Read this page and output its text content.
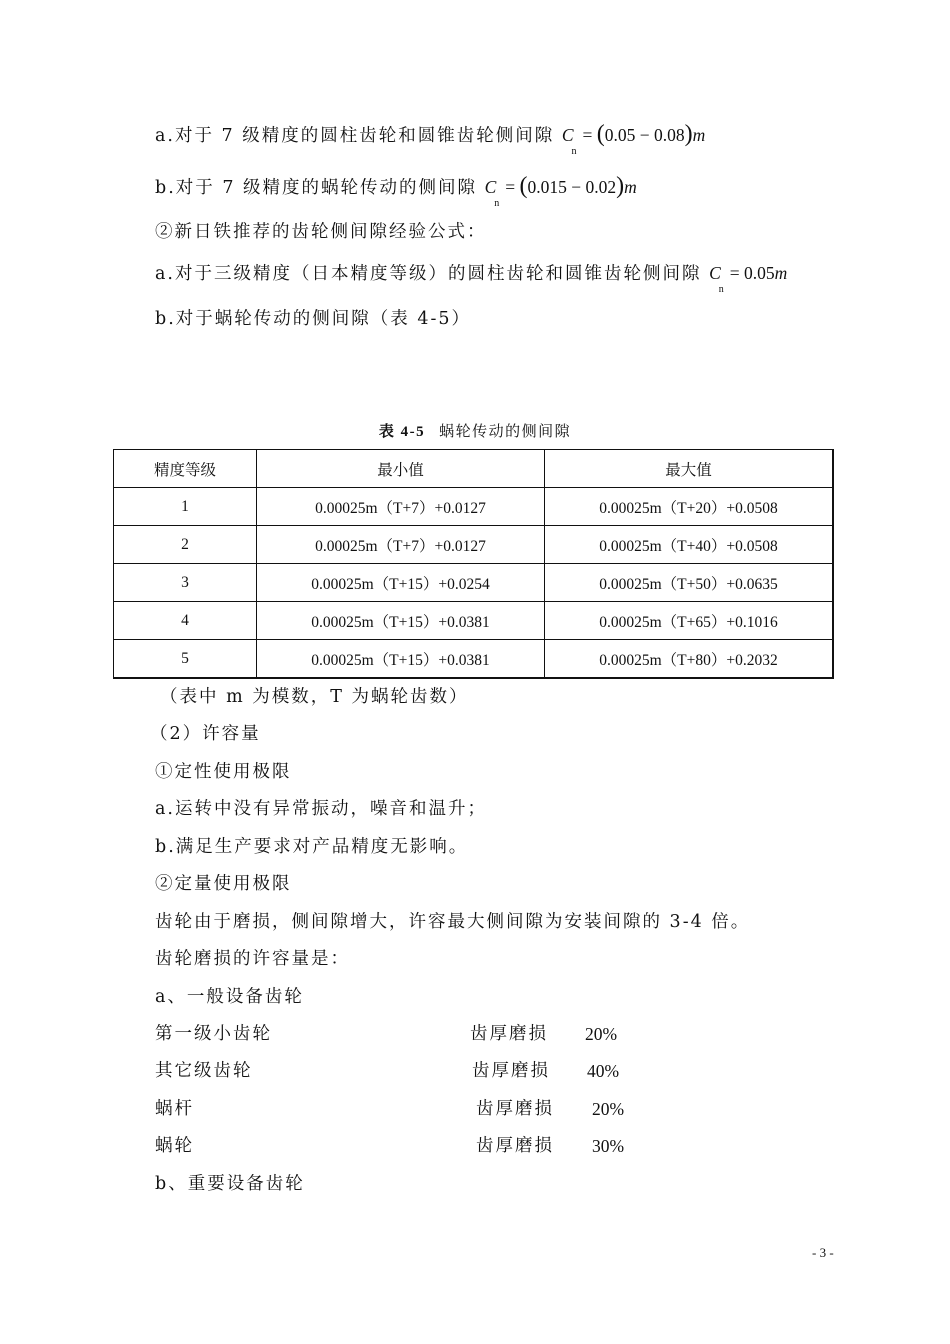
a.对于 7 级精度的圆柱齿轮和圆锥齿轮侧间隙 $C_n= (0.05 - 0.08)m$
b.对于 7 级精度的蜗轮传动的侧间隙 $C_n= (0.015 - 0.02)m$
②新日铁推荐的齿轮侧间隙经验公式：
a.对于三级精度（日本精度等级）的圆柱齿轮和圆锥齿轮侧间隙 $C_n= 0.05m$
b.对于蜗轮传动的侧间隙（表 4-5）
表 4-5 蜗轮传动的侧间隙
精度等级	最小值	最大值
1	0.00025m（T+7）+0.0127	0.00025m（T+20）+0.0508
2	0.00025m（T+7）+0.0127	0.00025m（T+40）+0.0508
3	0.00025m（T+15）+0.0254	0.00025m（T+50）+0.0635
4	0.00025m（T+15）+0.0381	0.00025m（T+65）+0.1016
5	0.00025m（T+15）+0.0381	0.00025m（T+80）+0.2032
（表中 m 为模数，T 为蜗轮齿数）
（2）许容量
①定性使用极限
a.运转中没有异常振动，噪音和温升；
b.满足生产要求对产品精度无影响。
②定量使用极限
齿轮由于磨损，侧间隙增大，许容最大侧间隙为安装间隙的 3-4 倍。
齿轮磨损的许容量是：
a、一般设备齿轮
第一级小齿轮	齿厚磨损 20%
其它级齿轮	齿厚磨损 40%
蜗杆	齿厚磨损 20%
蜗轮	齿厚磨损 30%
b、重要设备齿轮
- 3 -
